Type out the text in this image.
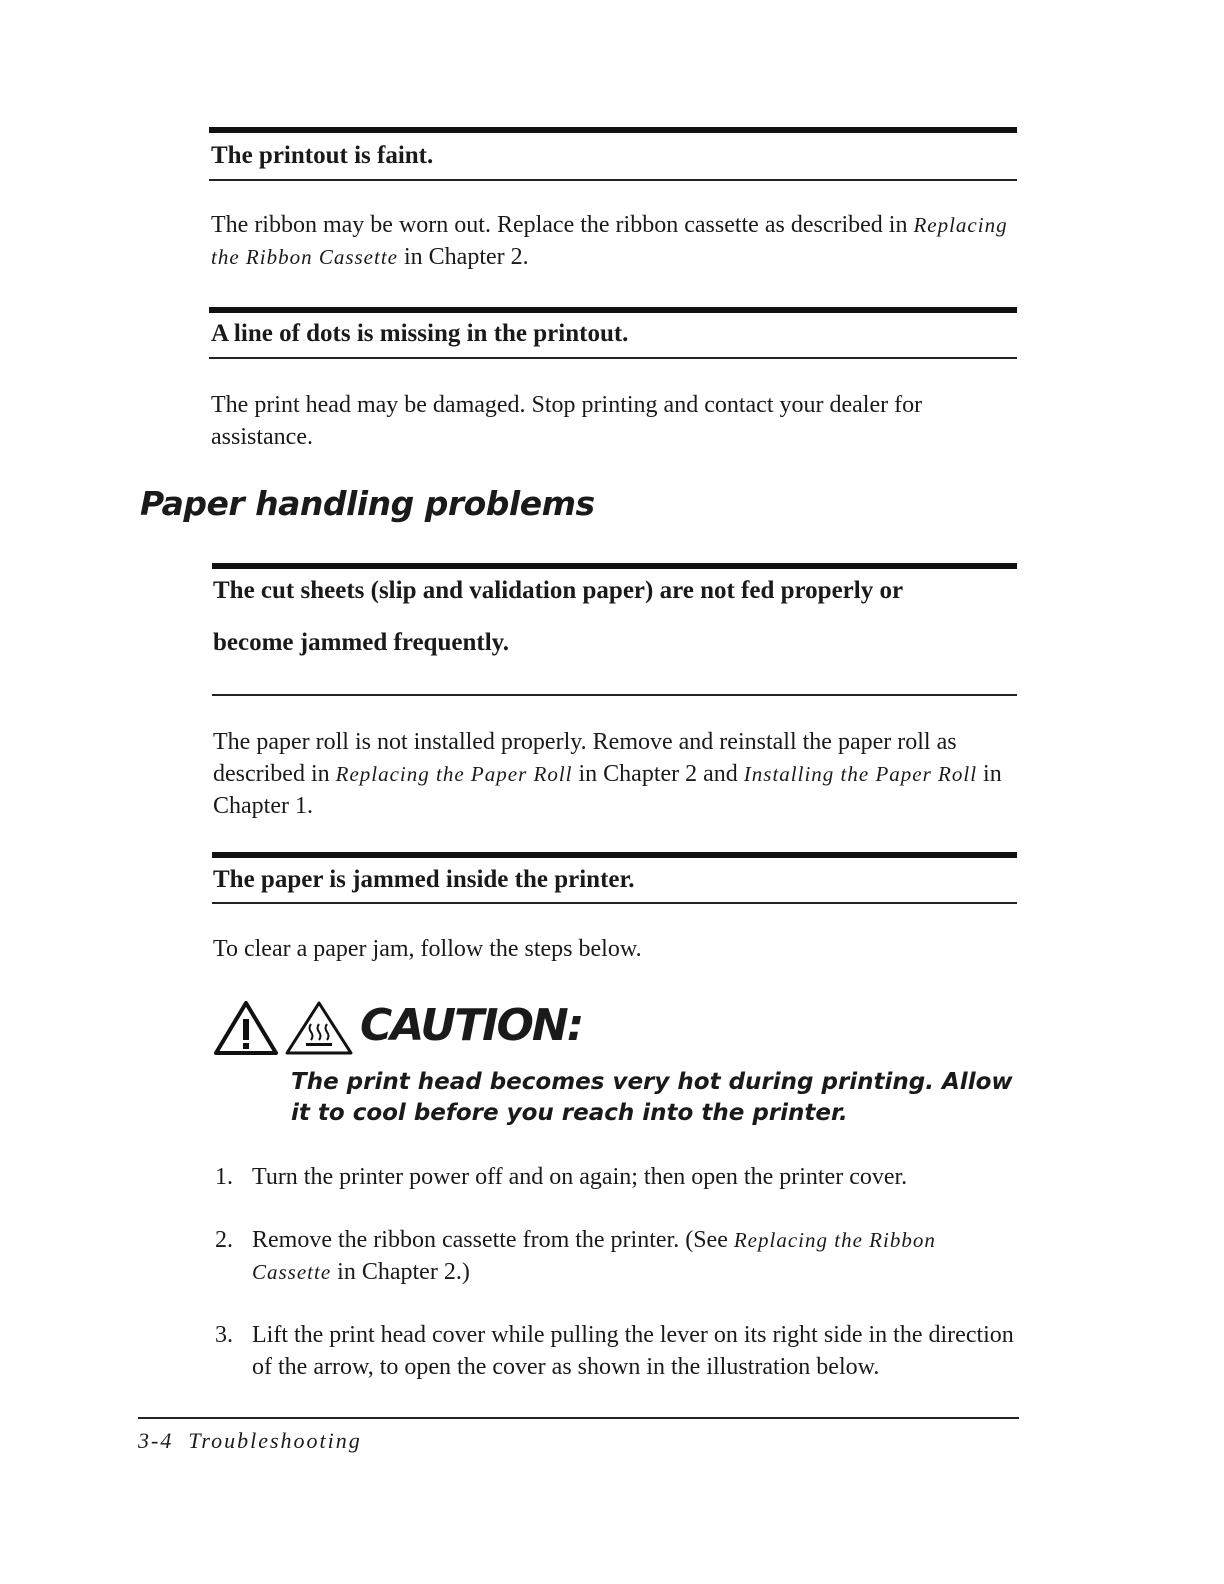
The printout is faint.
The ribbon may be worn out. Replace the ribbon cassette as described in Replacing the Ribbon Cassette in Chapter 2.
A line of dots is missing in the printout.
The print head may be damaged. Stop printing and contact your dealer for assistance.
Paper handling problems
The cut sheets (slip and validation paper) are not fed properly or
become jammed frequently.
The paper roll is not installed properly. Remove and reinstall the paper roll as described in Replacing the Paper Roll in Chapter 2 and Installing the Paper Roll in Chapter 1.
The paper is jammed inside the printer.
To clear a paper jam, follow the steps below.
CAUTION:
The print head becomes very hot during printing. Allow it to cool before you reach into the printer.
1. Turn the printer power off and on again; then open the printer cover.
2. Remove the ribbon cassette from the printer. (See Replacing the Ribbon Cassette in Chapter 2.)
3. Lift the print head cover while pulling the lever on its right side in the direction of the arrow, to open the cover as shown in the illustration below.
3-4 Troubleshooting
